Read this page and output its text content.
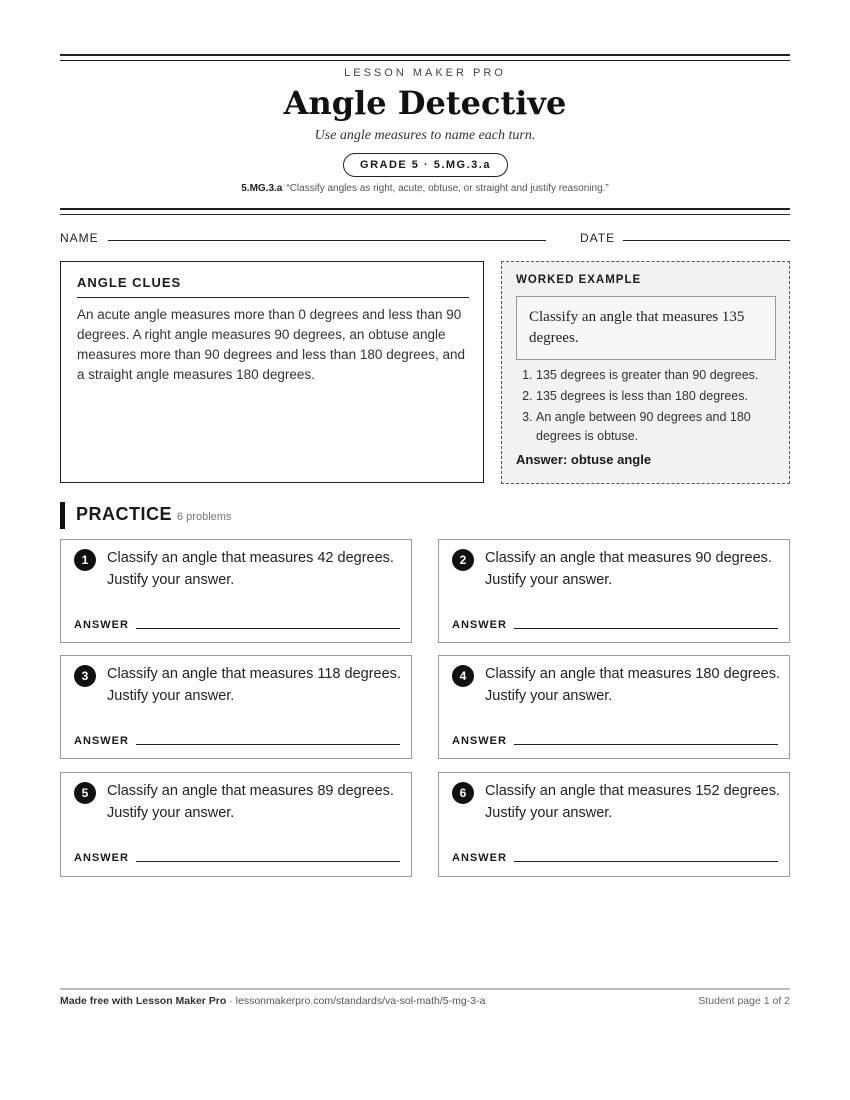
LESSON MAKER PRO
Angle Detective
Use angle measures to name each turn.
GRADE 5 · 5.MG.3.a
5.MG.3.a “Classify angles as right, acute, obtuse, or straight and justify reasoning.”
NAME	DATE
ANGLE CLUES
An acute angle measures more than 0 degrees and less than 90 degrees. A right angle measures 90 degrees, an obtuse angle measures more than 90 degrees and less than 180 degrees, and a straight angle measures 180 degrees.
WORKED EXAMPLE
Classify an angle that measures 135 degrees.
1. 135 degrees is greater than 90 degrees.
2. 135 degrees is less than 180 degrees.
3. An angle between 90 degrees and 180 degrees is obtuse.
Answer: obtuse angle
PRACTICE 6 problems
1	Classify an angle that measures 42 degrees. Justify your answer.
ANSWER
2	Classify an angle that measures 90 degrees. Justify your answer.
ANSWER
3	Classify an angle that measures 118 degrees. Justify your answer.
ANSWER
4	Classify an angle that measures 180 degrees. Justify your answer.
ANSWER
5	Classify an angle that measures 89 degrees. Justify your answer.
ANSWER
6	Classify an angle that measures 152 degrees. Justify your answer.
ANSWER
Made free with Lesson Maker Pro · lessonmakerpro.com/standards/va-sol-math/5-mg-3-a	Student page 1 of 2
